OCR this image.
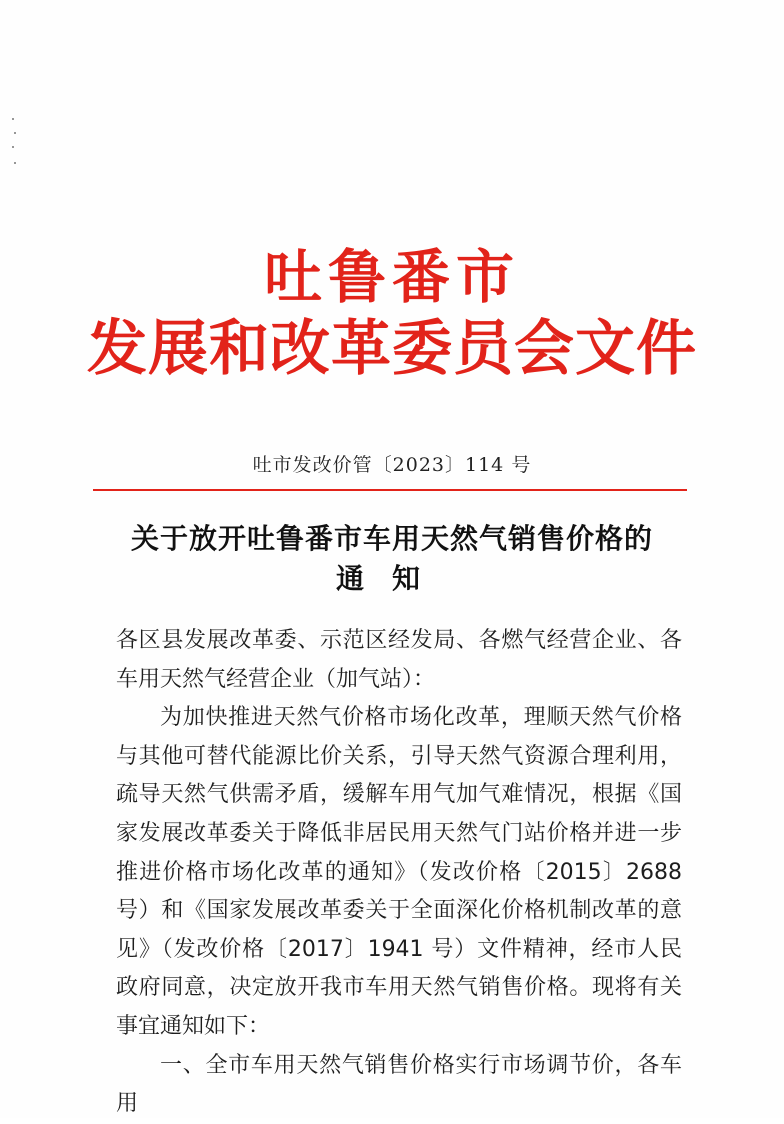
吐鲁番市
发展和改革委员会文件
吐市发改价管〔2023〕114 号
关于放开吐鲁番市车用天然气销售价格的
通知

各区县发展改革委、示范区经发局、各燃气经营企业、各车用天然气经营企业（加气站）：

为加快推进天然气价格市场化改革，理顺天然气价格与其他可替代能源比价关系，引导天然气资源合理利用，疏导天然气供需矛盾，缓解车用气加气难情况，根据《国家发展改革委关于降低非居民用天然气门站价格并进一步推进价格市场化改革的通知》（发改价格〔2015〕2688 号）和《国家发展改革委关于全面深化价格机制改革的意见》（发改价格〔2017〕1941 号）文件精神，经市人民政府同意，决定放开我市车用天然气销售价格。现将有关事宜通知如下：

一、全市车用天然气销售价格实行市场调节价，各车用
